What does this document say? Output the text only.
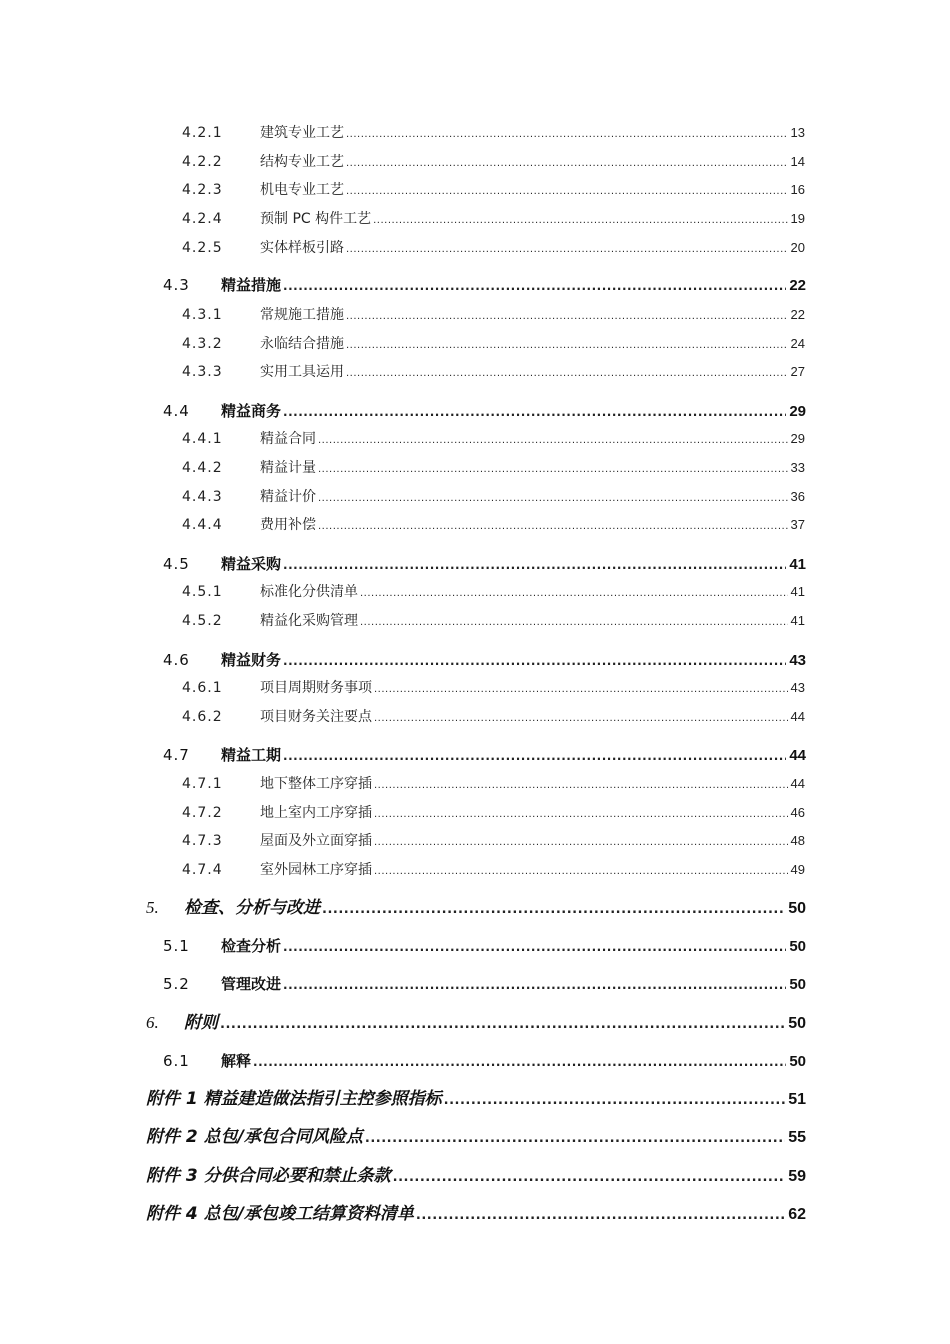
4.2.1	建筑专业工艺 .....	13
4.2.2	结构专业工艺 .....	14
4.2.3	机电专业工艺 .....	16
4.2.4	预制 PC 构件工艺 .....	19
4.2.5	实体样板引路 .....	20
4.3	精益措施 .....	22
4.3.1	常规施工措施 .....	22
4.3.2	永临结合措施 .....	24
4.3.3	实用工具运用 .....	27
4.4	精益商务 .....	29
4.4.1	精益合同 .....	29
4.4.2	精益计量 .....	33
4.4.3	精益计价 .....	36
4.4.4	费用补偿 .....	37
4.5	精益采购 .....	41
4.5.1	标准化分供清单 .....	41
4.5.2	精益化采购管理 .....	41
4.6	精益财务 .....	43
4.6.1	项目周期财务事项 .....	43
4.6.2	项目财务关注要点 .....	44
4.7	精益工期 .....	44
4.7.1	地下整体工序穿插 .....	44
4.7.2	地上室内工序穿插 .....	46
4.7.3	屋面及外立面穿插 .....	48
4.7.4	室外园林工序穿插 .....	49
5.	检查、分析与改进 .....	50
5.1	检查分析 .....	50
5.2	管理改进 .....	50
6.	附则 .....	50
6.1	解释 .....	50
附件 1 精益建造做法指引主控参照指标 .....	51
附件 2 总包/承包合同风险点 .....	55
附件 3 分供合同必要和禁止条款 .....	59
附件 4 总包/承包竣工结算资料清单 .....	62
